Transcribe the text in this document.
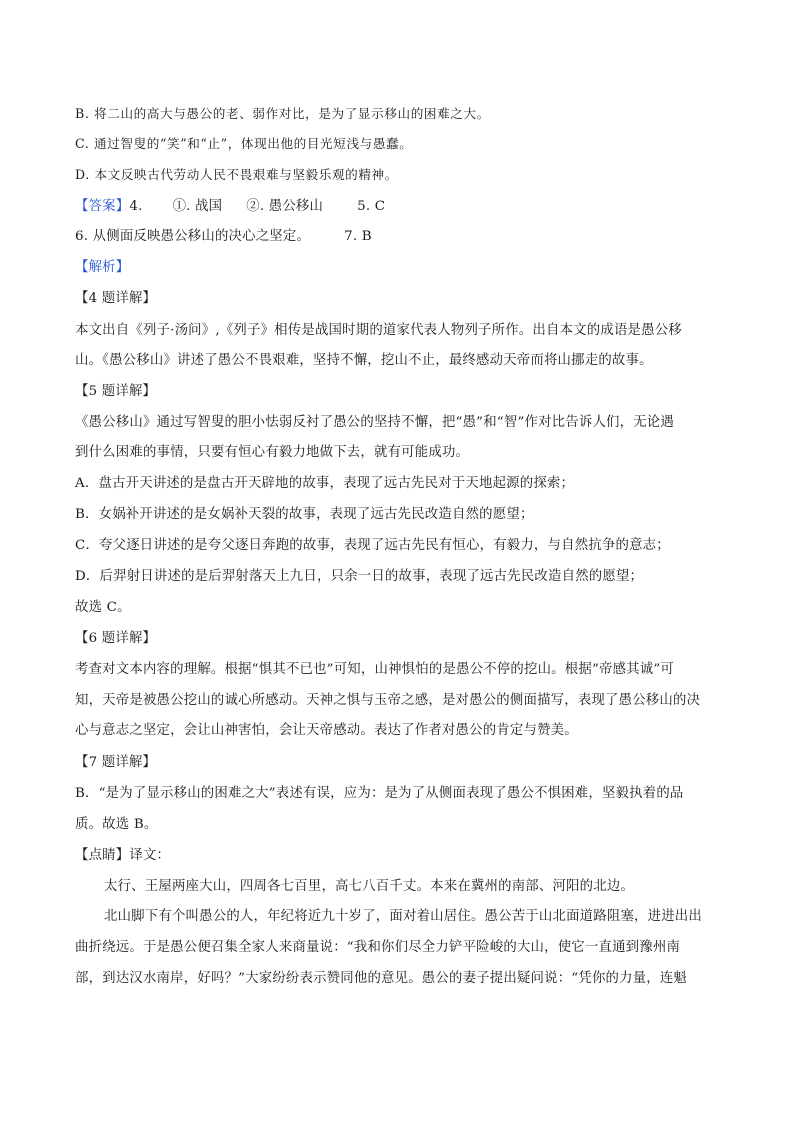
B. 将二山的高大与愚公的老、弱作对比，是为了显示移山的困难之大。
C. 通过智叟的“笑”和“止”，体现出他的目光短浅与愚蠢。
D. 本文反映古代劳动人民不畏艰难与坚毅乐观的精神。
【答案】4. ①. 战国 ②. 愚公移山	5. C
6. 从侧面反映愚公移山的决心之坚定。	7. B
【解析】
【4 题详解】
本文出自《列子·汤问》,《列子》相传是战国时期的道家代表人物列子所作。出自本文的成语是愚公移
山。《愚公移山》讲述了愚公不畏艰难，坚持不懈，挖山不止，最终感动天帝而将山挪走的故事。
【5 题详解】
《愚公移山》通过写智叟的胆小怯弱反衬了愚公的坚持不懈，把“愚”和“智”作对比告诉人们，无论遇
到什么困难的事情，只要有恒心有毅力地做下去，就有可能成功。
A．盘古开天讲述的是盘古开天辟地的故事，表现了远古先民对于天地起源的探索；
B．女娲补开讲述的是女娲补天裂的故事，表现了远古先民改造自然的愿望；
C．夸父逐日讲述的是夸父逐日奔跑的故事，表现了远古先民有恒心，有毅力，与自然抗争的意志；
D．后羿射日讲述的是后羿射落天上九日，只余一日的故事，表现了远古先民改造自然的愿望；
故选 C。
【6 题详解】
考查对文本内容的理解。根据“惧其不已也”可知，山神惧怕的是愚公不停的挖山。根据“帝感其诚”可
知，天帝是被愚公挖山的诚心所感动。天神之惧与玉帝之感，是对愚公的侧面描写，表现了愚公移山的决
心与意志之坚定，会让山神害怕，会让天帝感动。表达了作者对愚公的肯定与赞美。
【7 题详解】
B．“是为了显示移山的困难之大”表述有误，应为：是为了从侧面表现了愚公不惧困难，坚毅执着的品
质。故选 B。
【点睛】译文：
太行、王屋两座大山，四周各七百里，高七八百千丈。本来在冀州的南部、河阳的北边。
北山脚下有个叫愚公的人，年纪将近九十岁了，面对着山居住。愚公苦于山北面道路阻塞，进进出出
曲折绕远。于是愚公便召集全家人来商量说：“我和你们尽全力铲平险峻的大山，使它一直通到豫州南
部，到达汉水南岸，好吗？”大家纷纷表示赞同他的意见。愚公的妻子提出疑问说：“凭你的力量，连魁
